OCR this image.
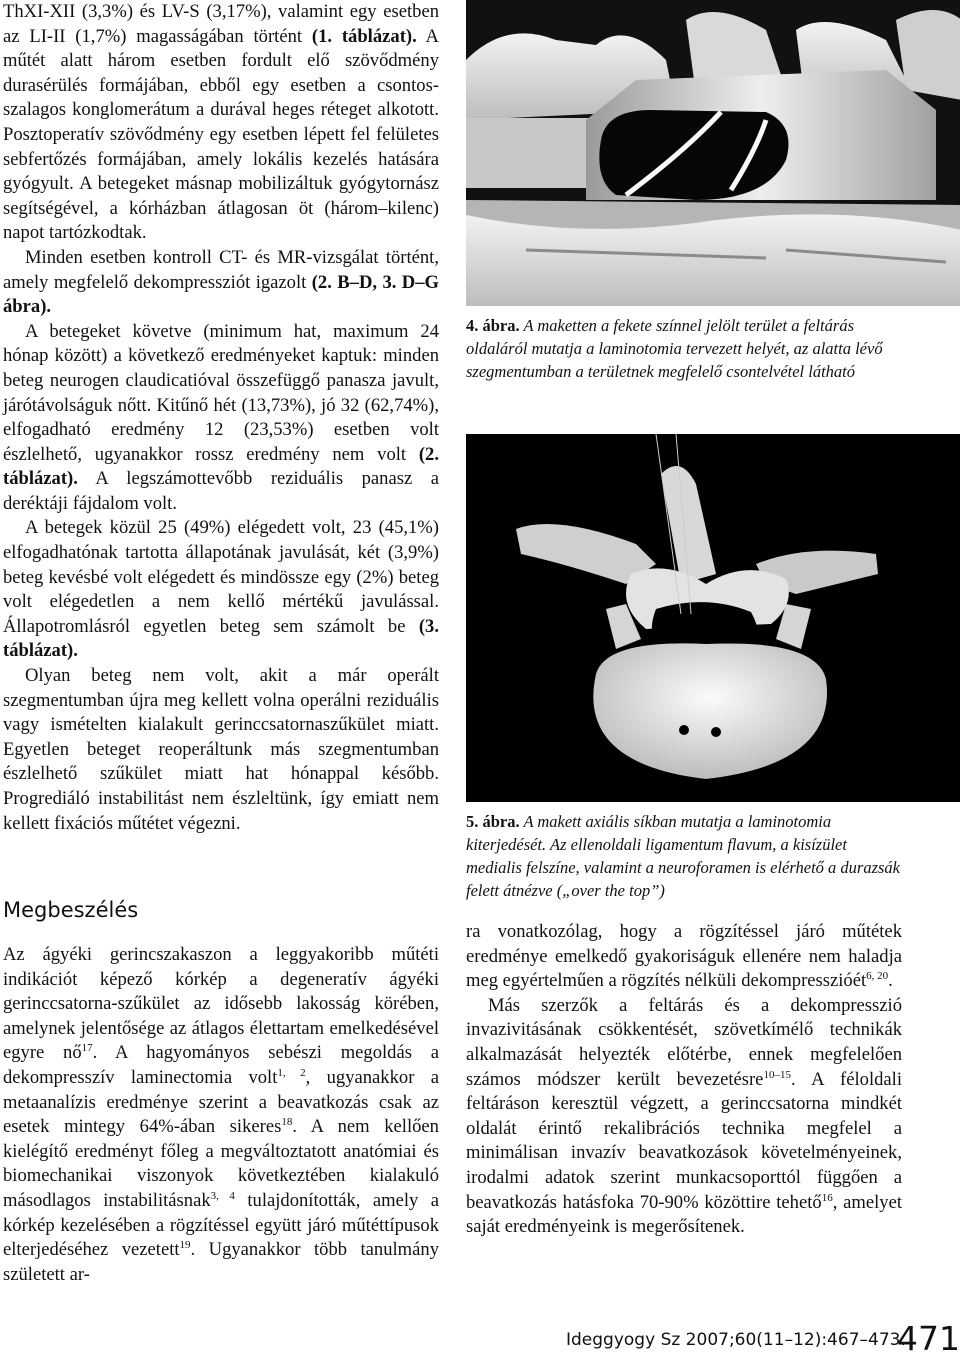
ThXI-XII (3,3%) és LV-S (3,17%), valamint egy esetben az LI-II (1,7%) magasságában történt (1. táblázat). A műtét alatt három esetben fordult elő szövődmény durasérülés formájában, ebből egy esetben a csontos-szalagos konglomerátum a durával heges réteget alkotott. Posztoperatív szövődmény egy esetben lépett fel felületes sebfertőzés formájában, amely lokális kezelés hatására gyógyult. A betegeket másnap mobilizáltuk gyógytornász segítségével, a kórházban átlagosan öt (három–kilenc) napot tartózkodtak.

Minden esetben kontroll CT- és MR-vizsgálat történt, amely megfelelő dekompressziót igazolt (2. B–D, 3. D–G ábra).

A betegeket követve (minimum hat, maximum 24 hónap között) a következő eredményeket kaptuk: minden beteg neurogen claudicatióval összefüggő panasza javult, járótávolságuk nőtt. Kitűnő hét (13,73%), jó 32 (62,74%), elfogadható eredmény 12 (23,53%) esetben volt észlelhető, ugyanakkor rossz eredmény nem volt (2. táblázat). A legszámottevőbb reziduális panasz a deréktáji fájdalom volt.

A betegek közül 25 (49%) elégedett volt, 23 (45,1%) elfogadhatónak tartotta állapotának javulását, két (3,9%) beteg kevésbé volt elégedett és mindössze egy (2%) beteg volt elégedetlen a nem kellő mértékű javulással. Állapotromlásról egyetlen beteg sem számolt be (3. táblázat).

Olyan beteg nem volt, akit a már operált szegmentumban újra meg kellett volna operálni reziduális vagy ismételten kialakult gerinccsatornaszűkület miatt. Egyetlen beteget reoperáltunk más szegmentumban észlelhető szűkület miatt hat hónappal később. Progrediáló instabilitást nem észleltünk, így emiatt nem kellett fixációs műtétet végezni.

Megbeszélés

Az ágyéki gerincszakaszon a leggyakoribb műtéti indikációt képező kórkép a degeneratív ágyéki gerinccsatorna-szűkület az idősebb lakosság körében, amelynek jelentősége az átlagos élettartam emelkedésével egyre $nő^{17}$. A hagyományos sebészi megoldás a dekompresszív laminectomia volt$^{1, 2}$, ugyanakkor a metaanalízis eredménye szerint a beavatkozás csak az esetek mintegy 64%-ában sikeres$^{18}$. A nem kellően kielégítő eredményt főleg a megváltoztatott anatómiai és biomechanikai viszonyok következtében kialakuló másodlagos instabilitásnak$^{3, 4}$ tulajdonították, amely a kórkép kezelésében a rögzítéssel együtt járó műtéttípusok elterjedéséhez vezetett$^{19}$. Ugyanakkor több tanulmány született ar-

4. ábra. A maketten a fekete színnel jelölt terület a feltárás oldaláról mutatja a laminotomia tervezett helyét, az alatta lévő szegmentumban a területnek megfelelő csontelvétel látható
5. ábra. A makett axiális síkban mutatja a laminotomia kiterjedését. Az ellenoldali ligamentum flavum, a kisízület medialis felszíne, valamint a neuroforamen is elérhető a durazsák felett átnézve („over the top”)

ra vonatkozólag, hogy a rögzítéssel járó műtétek eredménye emelkedő gyakoriságuk ellenére nem haladja meg egyértelműen a rögzítés nélküli dekompresszióét$^{6, 20}$.

Más szerzők a feltárás és a dekompresszió invazivitásának csökkentését, szövetkímélő technikák alkalmazását helyezték előtérbe, ennek megfelelően számos módszer került bevezetésre$^{10-15}$. A féloldali feltáráson keresztül végzett, a gerinccsatorna mindkét oldalát érintő rekalibrációs technika megfelel a minimálisan invazív beavatkozások követelményeinek, irodalmi adatok szerint munkacsoporttól függően a beavatkozás hatásfoka 70-90% közöttire tehető$^{16}$, amelyet saját eredményeink is megerősítenek.

Ideggyogy Sz 2007;60(11–12):467–473.
471
